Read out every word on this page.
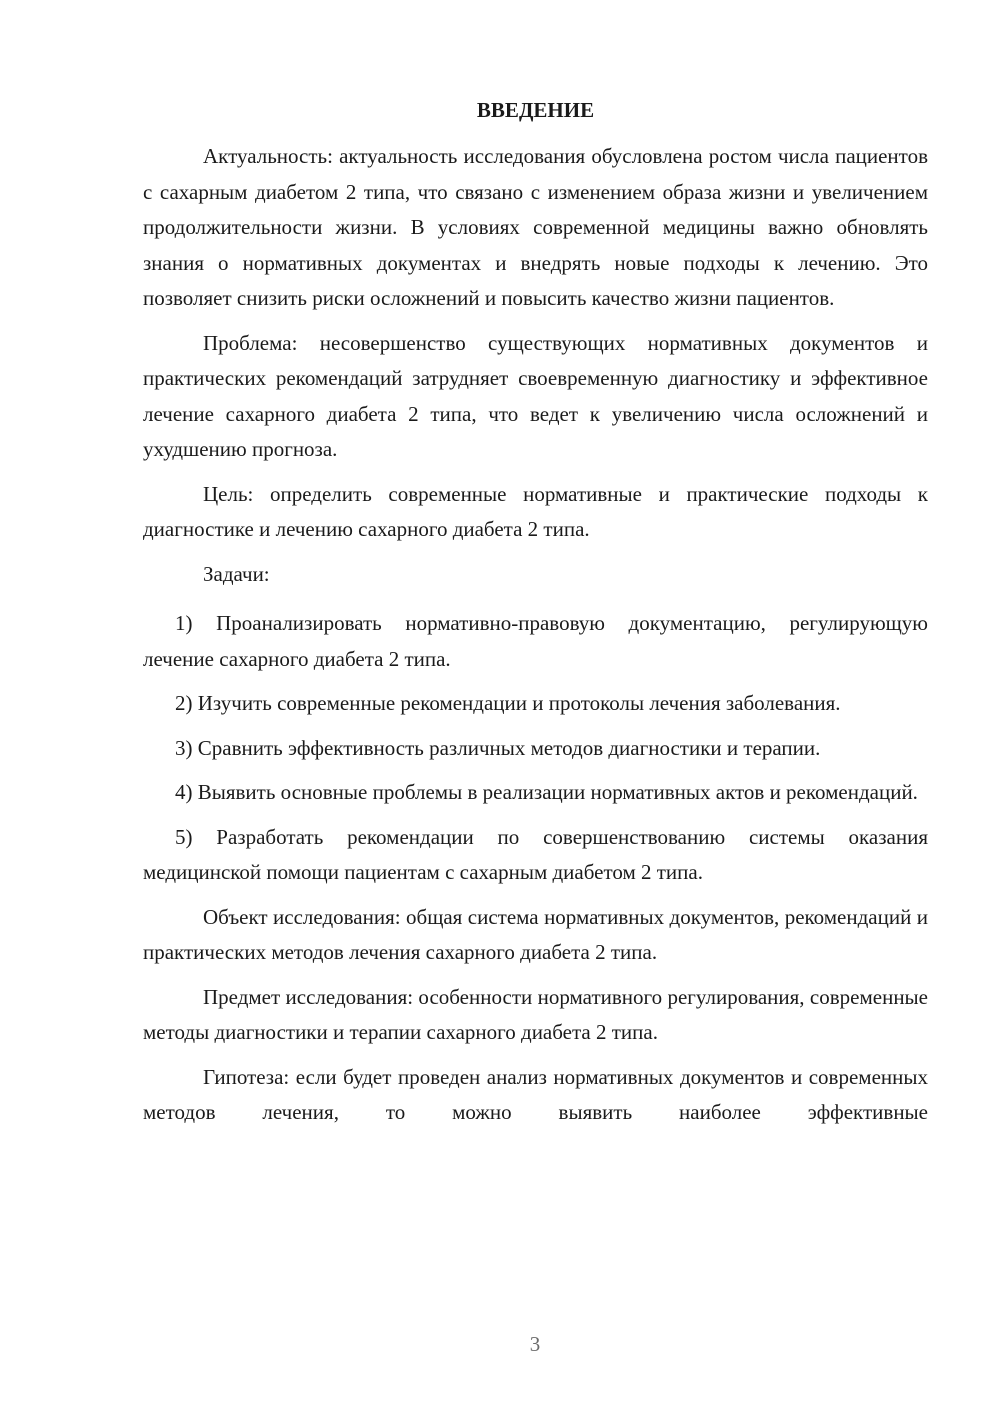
ВВЕДЕНИЕ

Актуальность: актуальность исследования обусловлена ростом числа пациентов с сахарным диабетом 2 типа, что связано с изменением образа жизни и увеличением продолжительности жизни. В условиях современной медицины важно обновлять знания о нормативных документах и внедрять новые подходы к лечению. Это позволяет снизить риски осложнений и повысить качество жизни пациентов.

Проблема: несовершенство существующих нормативных документов и практических рекомендаций затрудняет своевременную диагностику и эффективное лечение сахарного диабета 2 типа, что ведет к увеличению числа осложнений и ухудшению прогноза.

Цель: определить современные нормативные и практические подходы к диагностике и лечению сахарного диабета 2 типа.

Задачи:

1) Проанализировать нормативно-правовую документацию, регулирующую лечение сахарного диабета 2 типа.

2) Изучить современные рекомендации и протоколы лечения заболевания.

3) Сравнить эффективность различных методов диагностики и терапии.

4) Выявить основные проблемы в реализации нормативных актов и рекомендаций.

5) Разработать рекомендации по совершенствованию системы оказания медицинской помощи пациентам с сахарным диабетом 2 типа.

Объект исследования: общая система нормативных документов, рекомендаций и практических методов лечения сахарного диабета 2 типа.

Предмет исследования: особенности нормативного регулирования, современные методы диагностики и терапии сахарного диабета 2 типа.

Гипотеза: если будет проведен анализ нормативных документов и современных методов лечения, то можно выявить наиболее эффективные

3
